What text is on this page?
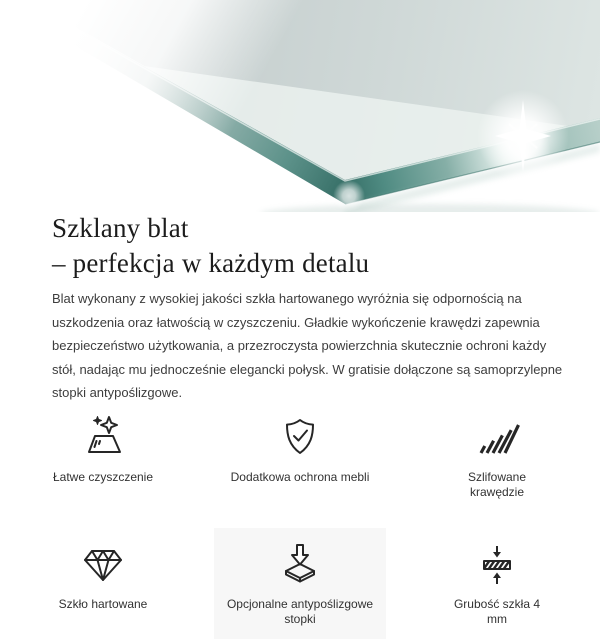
Szklany blat
– perfekcja w każdym detalu

Blat wykonany z wysokiej jakości szkła hartowanego wyróżnia się odpornością na uszkodzenia oraz łatwością w czyszczeniu. Gładkie wykończenie krawędzi zapewnia bezpieczeństwo użytkowania, a przezroczysta powierzchnia skutecznie ochroni każdy stół, nadając mu jednocześnie elegancki połysk. W gratisie dołączone są samoprzylepne stopki antypoślizgowe.

Łatwe czyszczenie	Dodatkowa ochrona mebli	Szlifowane krawędzie
Szkło hartowane	Opcjonalne antypoślizgowe stopki
Grubość szkła 4 mm
